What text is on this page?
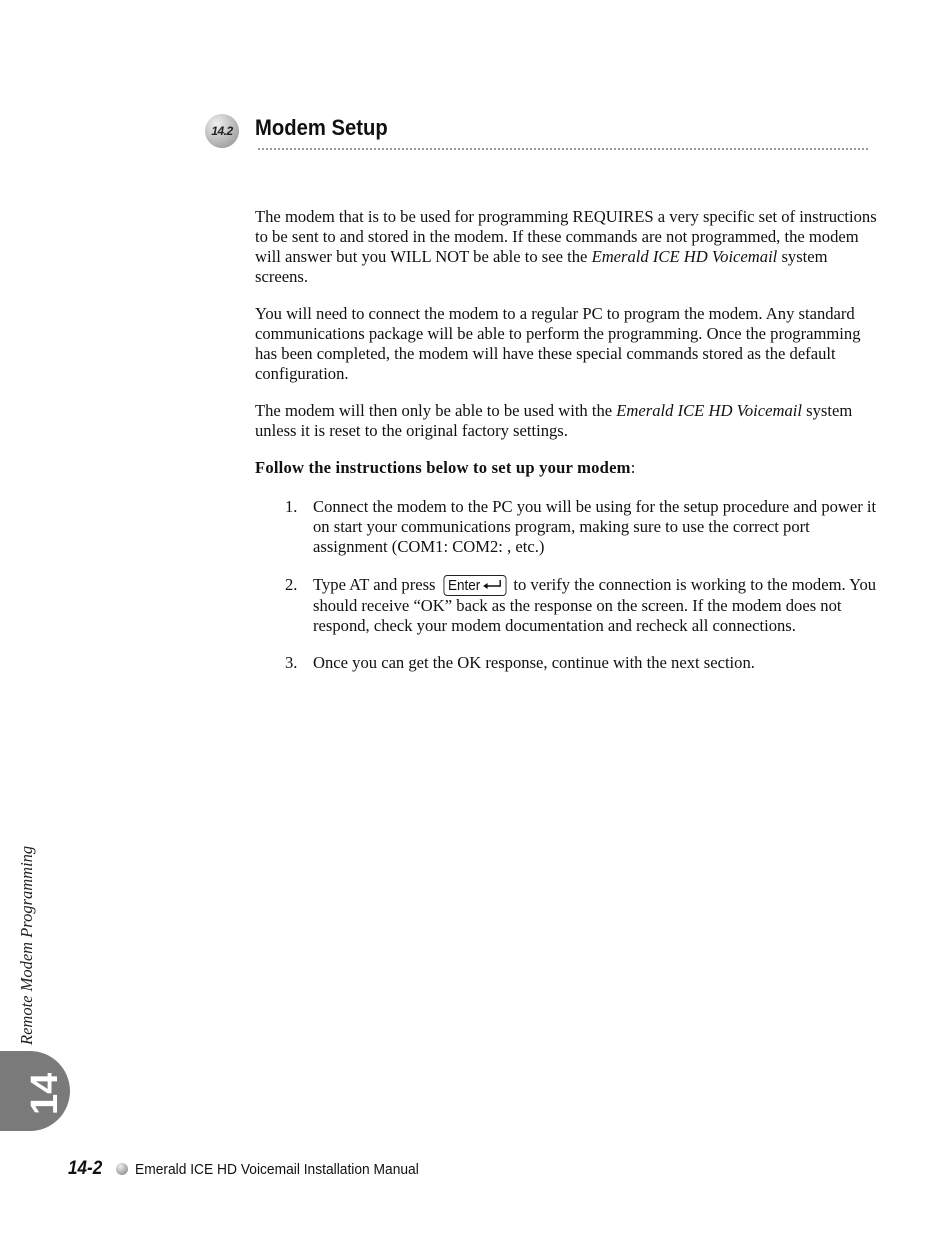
14.2 Modem Setup

The modem that is to be used for programming REQUIRES a very specific set of instructions to be sent to and stored in the modem. If these commands are not programmed, the modem will answer but you WILL NOT be able to see the Emerald ICE HD Voicemail system screens.

You will need to connect the modem to a regular PC to program the modem. Any standard communications package will be able to perform the programming. Once the programming has been completed, the modem will have these special commands stored as the default configuration.

The modem will then only be able to be used with the Emerald ICE HD Voicemail system unless it is reset to the original factory settings.

Follow the instructions below to set up your modem:

1. Connect the modem to the PC you will be using for the setup procedure and power it on start your communications program, making sure to use the correct port assignment (COM1: COM2: , etc.)
2. Type AT and press Enter to verify the connection is working to the modem. You should receive “OK” back as the response on the screen. If the modem does not respond, check your modem documentation and recheck all connections.
3. Once you can get the OK response, continue with the next section.
Remote Modem Programming
14
14-2 Emerald ICE HD Voicemail Installation Manual
